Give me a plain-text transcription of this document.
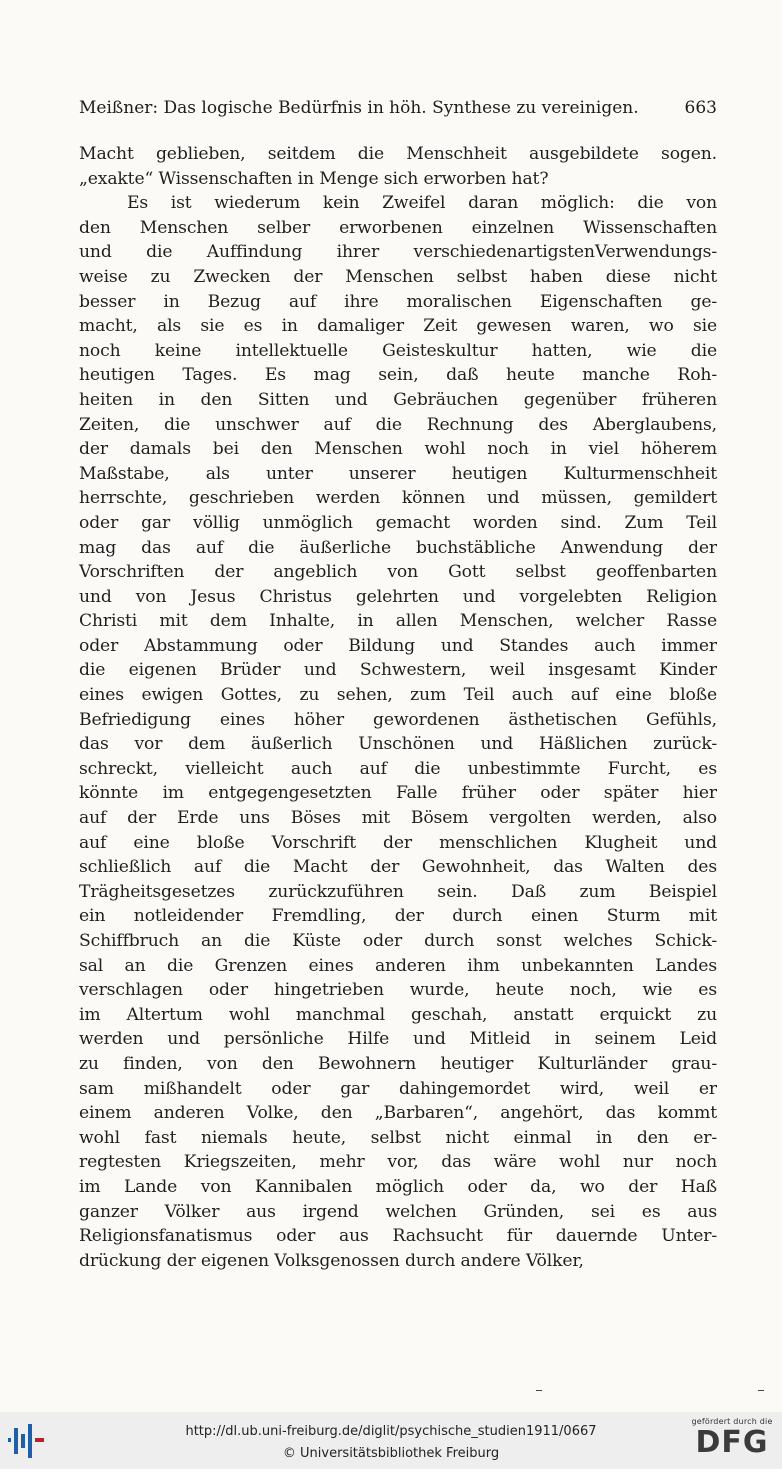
Meißner: Das logische Bedürfnis in höh. Synthese zu vereinigen.	663
Macht geblieben, seitdem die Menschheit ausgebildete sogen.
„exakte“ Wissenschaften in Menge sich erworben hat?
Es ist wiederum kein Zweifel daran möglich: die von
den Menschen selber erworbenen einzelnen Wissenschaften
und die Auffindung ihrer verschiedenartigstenVerwendungs-
weise zu Zwecken der Menschen selbst haben diese nicht
besser in Bezug auf ihre moralischen Eigenschaften ge-
macht, als sie es in damaliger Zeit gewesen waren, wo sie
noch keine intellektuelle Geisteskultur hatten, wie die
heutigen Tages. Es mag sein, daß heute manche Roh-
heiten in den Sitten und Gebräuchen gegenüber früheren
Zeiten, die unschwer auf die Rechnung des Aberglaubens,
der damals bei den Menschen wohl noch in viel höherem
Maßstabe, als unter unserer heutigen Kulturmenschheit
herrschte, geschrieben werden können und müssen, gemildert
oder gar völlig unmöglich gemacht worden sind. Zum Teil
mag das auf die äußerliche buchstäbliche Anwendung der
Vorschriften der angeblich von Gott selbst geoffenbarten
und von Jesus Christus gelehrten und vorgelebten Religion
Christi mit dem Inhalte, in allen Menschen, welcher Rasse
oder Abstammung oder Bildung und Standes auch immer
die eigenen Brüder und Schwestern, weil insgesamt Kinder
eines ewigen Gottes, zu sehen, zum Teil auch auf eine bloße
Befriedigung eines höher gewordenen ästhetischen Gefühls,
das vor dem äußerlich Unschönen und Häßlichen zurück-
schreckt, vielleicht auch auf die unbestimmte Furcht, es
könnte im entgegengesetzten Falle früher oder später hier
auf der Erde uns Böses mit Bösem vergolten werden, also
auf eine bloße Vorschrift der menschlichen Klugheit und
schließlich auf die Macht der Gewohnheit, das Walten des
Trägheitsgesetzes zurückzuführen sein. Daß zum Beispiel
ein notleidender Fremdling, der durch einen Sturm mit
Schiffbruch an die Küste oder durch sonst welches Schick-
sal an die Grenzen eines anderen ihm unbekannten Landes
verschlagen oder hingetrieben wurde, heute noch, wie es
im Altertum wohl manchmal geschah, anstatt erquickt zu
werden und persönliche Hilfe und Mitleid in seinem Leid
zu finden, von den Bewohnern heutiger Kulturländer grau-
sam mißhandelt oder gar dahingemordet wird, weil er
einem anderen Volke, den „Barbaren“, angehört, das kommt
wohl fast niemals heute, selbst nicht einmal in den er-
regtesten Kriegszeiten, mehr vor, das wäre wohl nur noch
im Lande von Kannibalen möglich oder da, wo der Haß
ganzer Völker aus irgend welchen Gründen, sei es aus
Religionsfanatismus oder aus Rachsucht für dauernde Unter-
drückung der eigenen Volksgenossen durch andere Völker,
http://dl.ub.uni-freiburg.de/diglit/psychische_studien1911/0667
© Universitätsbibliothek Freiburg
gefördert durch die
DFG
